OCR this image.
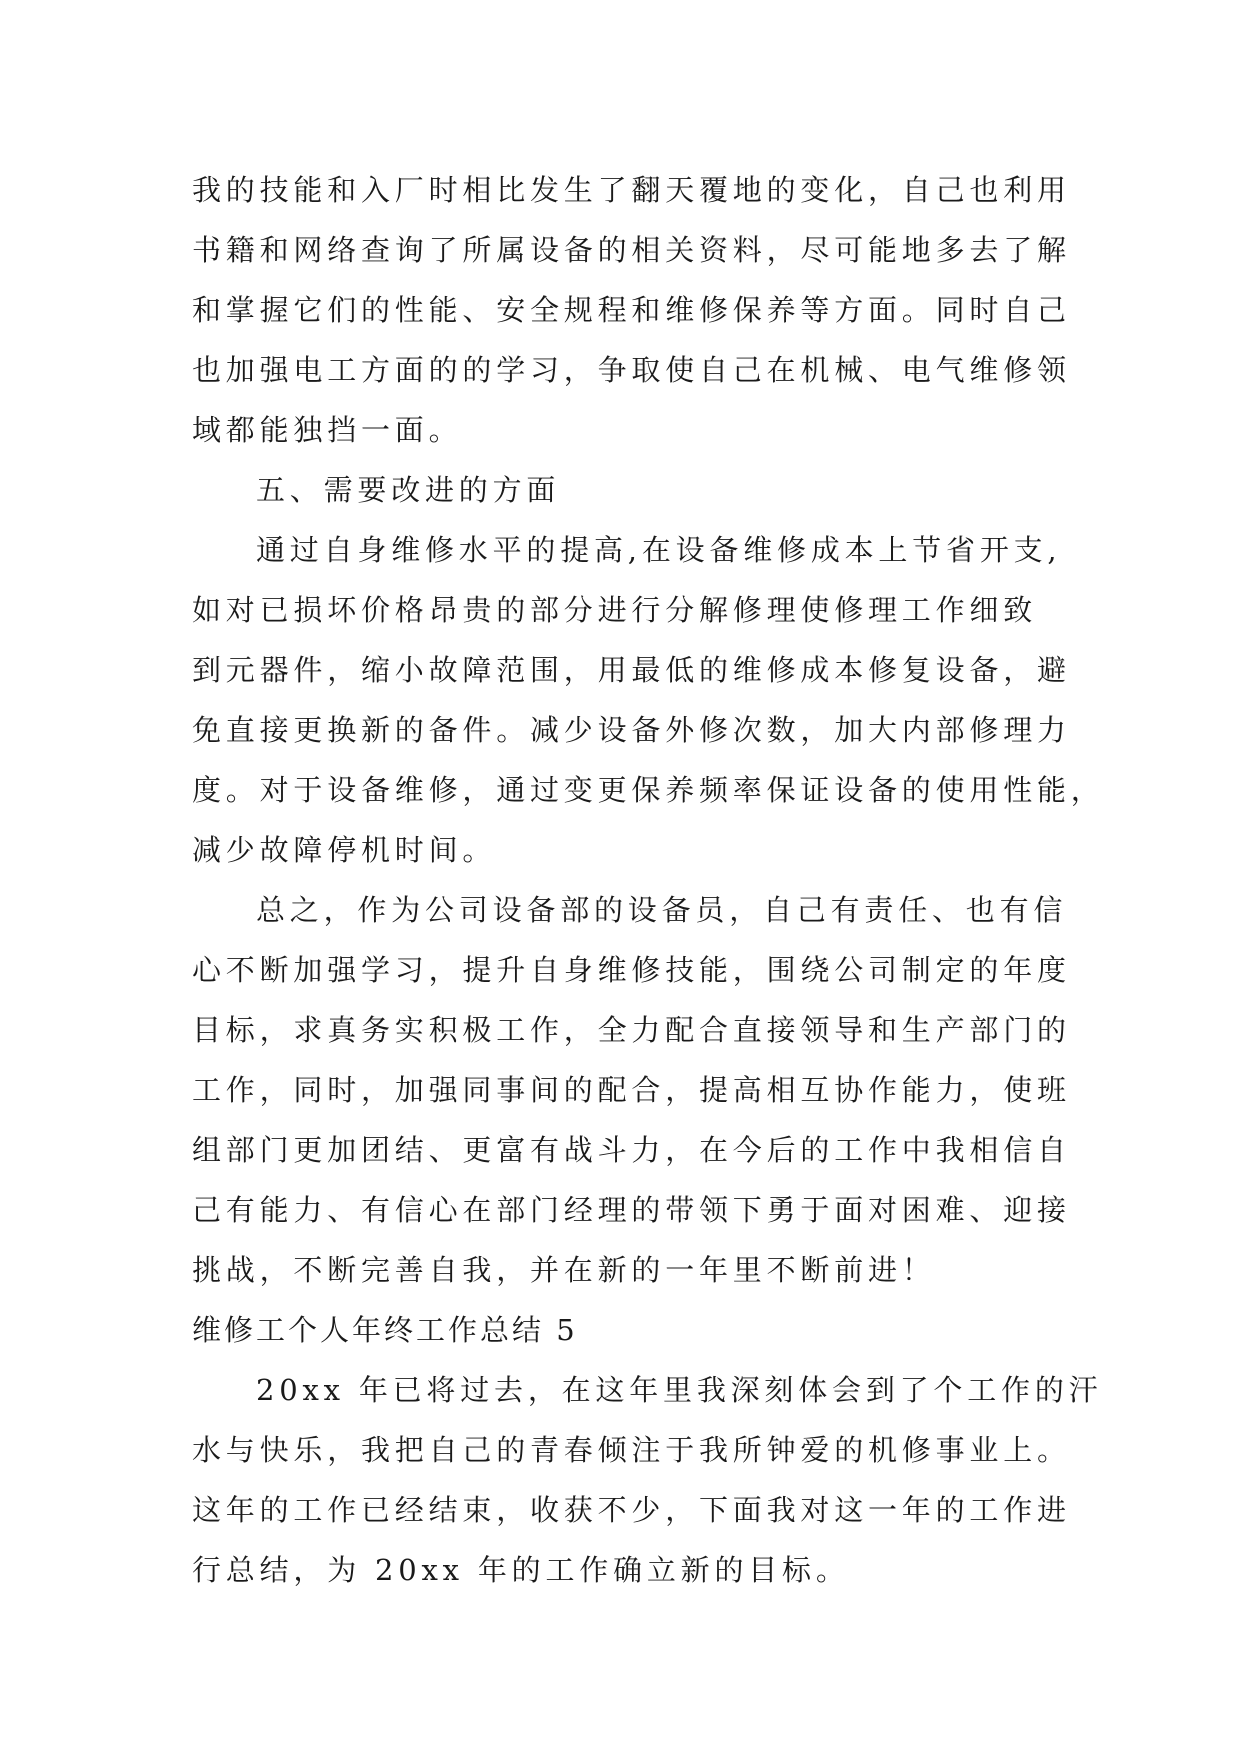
我的技能和入厂时相比发生了翻天覆地的变化，自己也利用
书籍和网络查询了所属设备的相关资料，尽可能地多去了解
和掌握它们的性能、安全规程和维修保养等方面。同时自己
也加强电工方面的的学习，争取使自己在机械、电气维修领
域都能独挡一面。
五、需要改进的方面
通过自身维修水平的提高,在设备维修成本上节省开支,
如对已损坏价格昂贵的部分进行分解修理使修理工作细致
到元器件，缩小故障范围，用最低的维修成本修复设备，避
免直接更换新的备件。减少设备外修次数，加大内部修理力
度。对于设备维修，通过变更保养频率保证设备的使用性能，
减少故障停机时间。
总之，作为公司设备部的设备员，自己有责任、也有信
心不断加强学习，提升自身维修技能，围绕公司制定的年度
目标，求真务实积极工作，全力配合直接领导和生产部门的
工作，同时，加强同事间的配合，提高相互协作能力，使班
组部门更加团结、更富有战斗力，在今后的工作中我相信自
己有能力、有信心在部门经理的带领下勇于面对困难、迎接
挑战，不断完善自我，并在新的一年里不断前进！
维修工个人年终工作总结 5
20xx 年已将过去，在这年里我深刻体会到了个工作的汗
水与快乐，我把自己的青春倾注于我所钟爱的机修事业上。
这年的工作已经结束，收获不少，下面我对这一年的工作进
行总结，为 20xx 年的工作确立新的目标。
